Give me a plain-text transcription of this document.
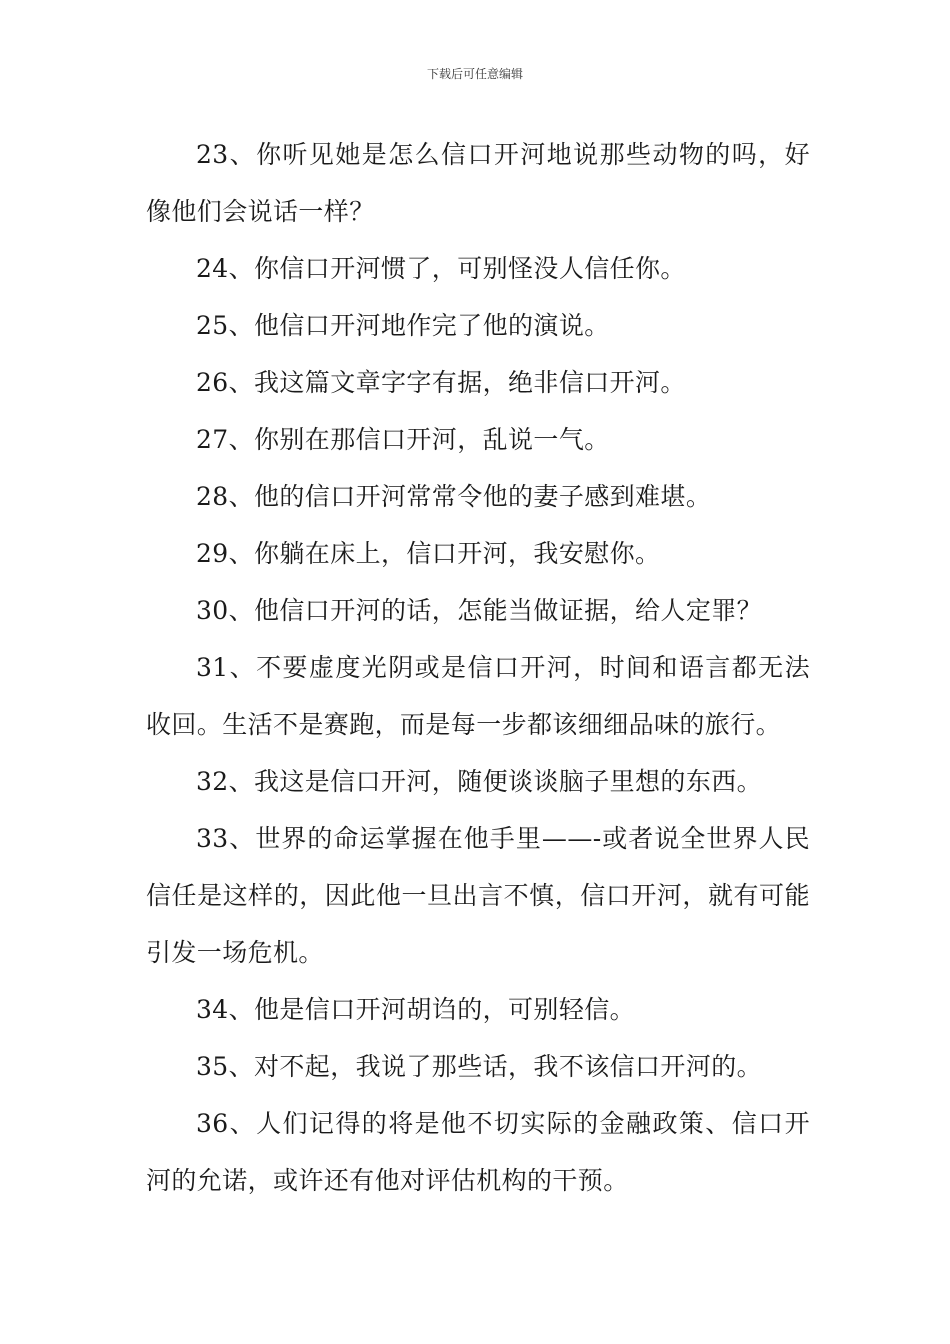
下载后可任意编辑

23、你听见她是怎么信口开河地说那些动物的吗，好像他们会说话一样？

24、你信口开河惯了，可别怪没人信任你。

25、他信口开河地作完了他的演说。

26、我这篇文章字字有据，绝非信口开河。

27、你别在那信口开河，乱说一气。

28、他的信口开河常常令他的妻子感到难堪。

29、你躺在床上，信口开河，我安慰你。

30、他信口开河的话，怎能当做证据，给人定罪？

31、不要虚度光阴或是信口开河，时间和语言都无法收回。生活不是赛跑，而是每一步都该细细品味的旅行。

32、我这是信口开河，随便谈谈脑子里想的东西。

33、世界的命运掌握在他手里——-或者说全世界人民信任是这样的，因此他一旦出言不慎，信口开河，就有可能引发一场危机。

34、他是信口开河胡诌的，可别轻信。

35、对不起，我说了那些话，我不该信口开河的。

36、人们记得的将是他不切实际的金融政策、信口开河的允诺，或许还有他对评估机构的干预。
